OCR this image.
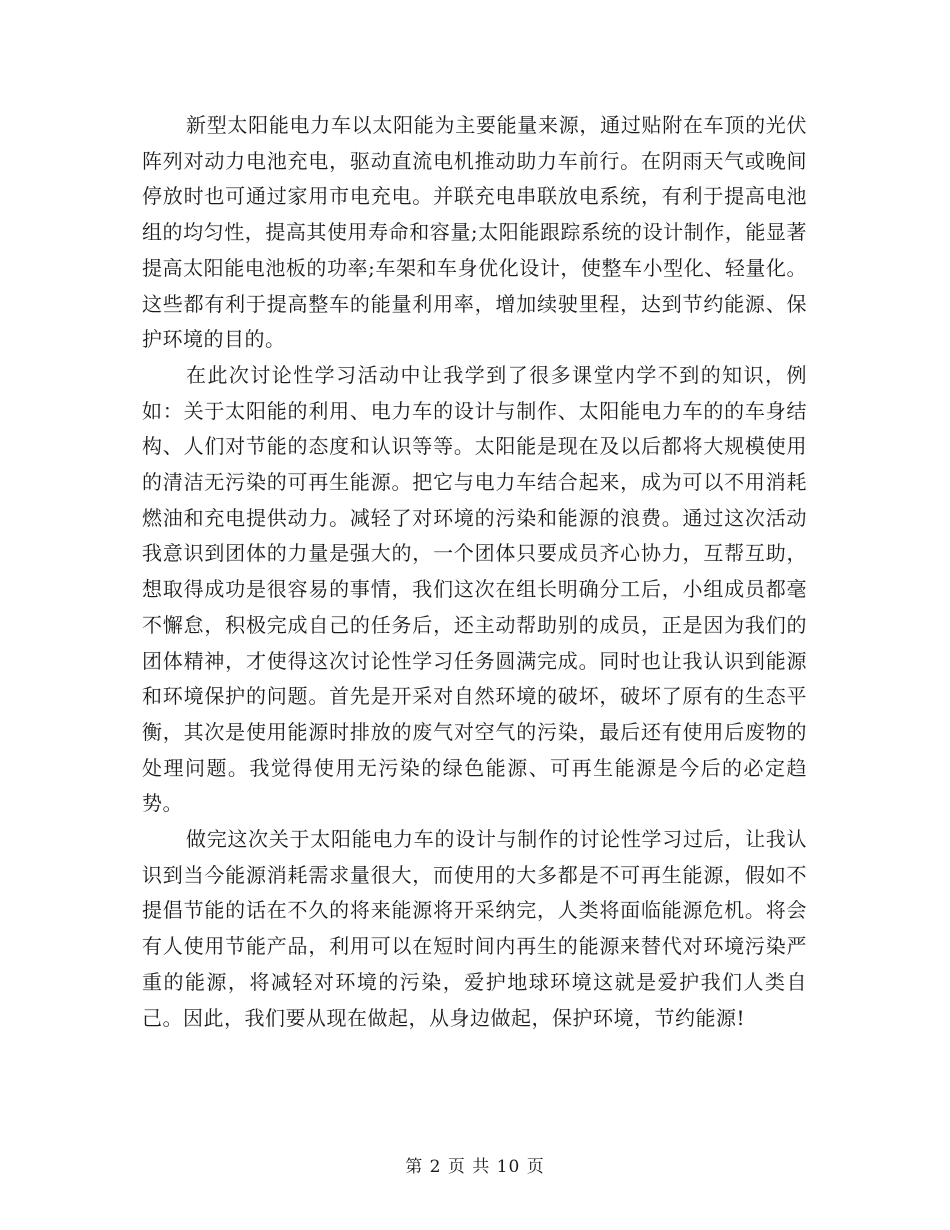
新型太阳能电力车以太阳能为主要能量来源，通过贴附在车顶的光伏阵列对动力电池充电，驱动直流电机推动助力车前行。在阴雨天气或晚间停放时也可通过家用市电充电。并联充电串联放电系统，有利于提高电池组的均匀性，提高其使用寿命和容量;太阳能跟踪系统的设计制作，能显著提高太阳能电池板的功率;车架和车身优化设计，使整车小型化、轻量化。这些都有利于提高整车的能量利用率，增加续驶里程，达到节约能源、保护环境的目的。

在此次讨论性学习活动中让我学到了很多课堂内学不到的知识，例如：关于太阳能的利用、电力车的设计与制作、太阳能电力车的的车身结构、人们对节能的态度和认识等等。太阳能是现在及以后都将大规模使用的清洁无污染的可再生能源。把它与电力车结合起来，成为可以不用消耗燃油和充电提供动力。减轻了对环境的污染和能源的浪费。通过这次活动我意识到团体的力量是强大的，一个团体只要成员齐心协力，互帮互助，想取得成功是很容易的事情，我们这次在组长明确分工后，小组成员都毫不懈怠，积极完成自己的任务后，还主动帮助别的成员，正是因为我们的团体精神，才使得这次讨论性学习任务圆满完成。同时也让我认识到能源和环境保护的问题。首先是开采对自然环境的破坏，破坏了原有的生态平衡，其次是使用能源时排放的废气对空气的污染，最后还有使用后废物的处理问题。我觉得使用无污染的绿色能源、可再生能源是今后的必定趋势。

做完这次关于太阳能电力车的设计与制作的讨论性学习过后，让我认识到当今能源消耗需求量很大，而使用的大多都是不可再生能源，假如不提倡节能的话在不久的将来能源将开采纳完，人类将面临能源危机。将会有人使用节能产品，利用可以在短时间内再生的能源来替代对环境污染严重的能源，将减轻对环境的污染，爱护地球环境这就是爱护我们人类自己。因此，我们要从现在做起，从身边做起，保护环境，节约能源!

第 2 页 共 10 页
